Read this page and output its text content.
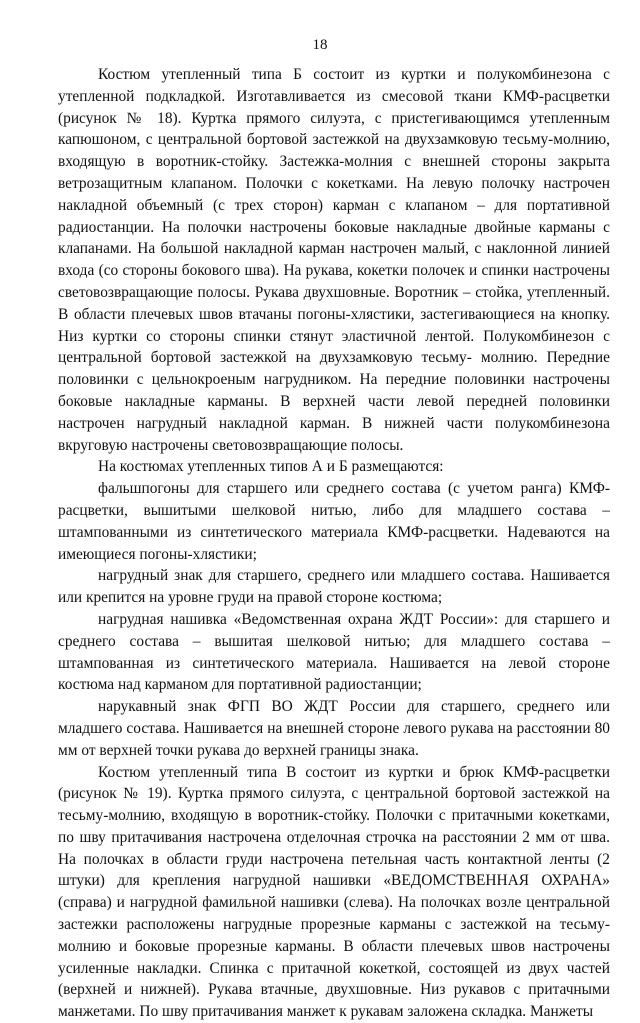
18

Костюм утепленный типа Б состоит из куртки и полукомбинезона с утепленной подкладкой. Изготавливается из смесовой ткани КМФ-расцветки (рисунок № 18). Куртка прямого силуэта, с пристегивающимся утепленным капюшоном, с центральной бортовой застежкой на двухзамковую тесьму-молнию, входящую в воротник-стойку. Застежка-молния с внешней стороны закрыта ветрозащитным клапаном. Полочки с кокетками. На левую полочку настрочен накладной объемный (с трех сторон) карман с клапаном – для портативной радиостанции. На полочки настрочены боковые накладные двойные карманы с клапанами. На большой накладной карман настрочен малый, с наклонной линией входа (со стороны бокового шва). На рукава, кокетки полочек и спинки настрочены световозвращающие полосы. Рукава двухшовные. Воротник – стойка, утепленный. В области плечевых швов втачаны погоны-хлястики, застегивающиеся на кнопку. Низ куртки со стороны спинки стянут эластичной лентой. Полукомбинезон с центральной бортовой застежкой на двухзамковую тесьму- молнию. Передние половинки с цельнокроеным нагрудником. На передние половинки настрочены боковые накладные карманы. В верхней части левой передней половинки настрочен нагрудный накладной карман. В нижней части полукомбинезона вкруговую настрочены световозвращающие полосы.

На костюмах утепленных типов А и Б размещаются:

фальшпогоны для старшего или среднего состава (с учетом ранга) КМФ-расцветки, вышитыми шелковой нитью, либо для младшего состава – штампованными из синтетического материала КМФ-расцветки. Надеваются на имеющиеся погоны-хлястики;

нагрудный знак для старшего, среднего или младшего состава. Нашивается или крепится на уровне груди на правой стороне костюма;

нагрудная нашивка «Ведомственная охрана ЖДТ России»: для старшего и среднего состава – вышитая шелковой нитью; для младшего состава – штампованная из синтетического материала. Нашивается на левой стороне костюма над карманом для портативной радиостанции;

нарукавный знак ФГП ВО ЖДТ России для старшего, среднего или младшего состава. Нашивается на внешней стороне левого рукава на расстоянии 80 мм от верхней точки рукава до верхней границы знака.

Костюм утепленный типа В состоит из куртки и брюк КМФ-расцветки (рисунок № 19). Куртка прямого силуэта, с центральной бортовой застежкой на тесьму-молнию, входящую в воротник-стойку. Полочки с притачными кокетками, по шву притачивания настрочена отделочная строчка на расстоянии 2 мм от шва. На полочках в области груди настрочена петельная часть контактной ленты (2 штуки) для крепления нагрудной нашивки «ВЕДОМСТВЕННАЯ ОХРАНА» (справа) и нагрудной фамильной нашивки (слева). На полочках возле центральной застежки расположены нагрудные прорезные карманы с застежкой на тесьму-молнию и боковые прорезные карманы. В области плечевых швов настрочены усиленные накладки. Спинка с притачной кокеткой, состоящей из двух частей (верхней и нижней). Рукава втачные, двухшовные. Низ рукавов с притачными манжетами. По шву притачивания манжет к рукавам заложена складка. Манжеты
